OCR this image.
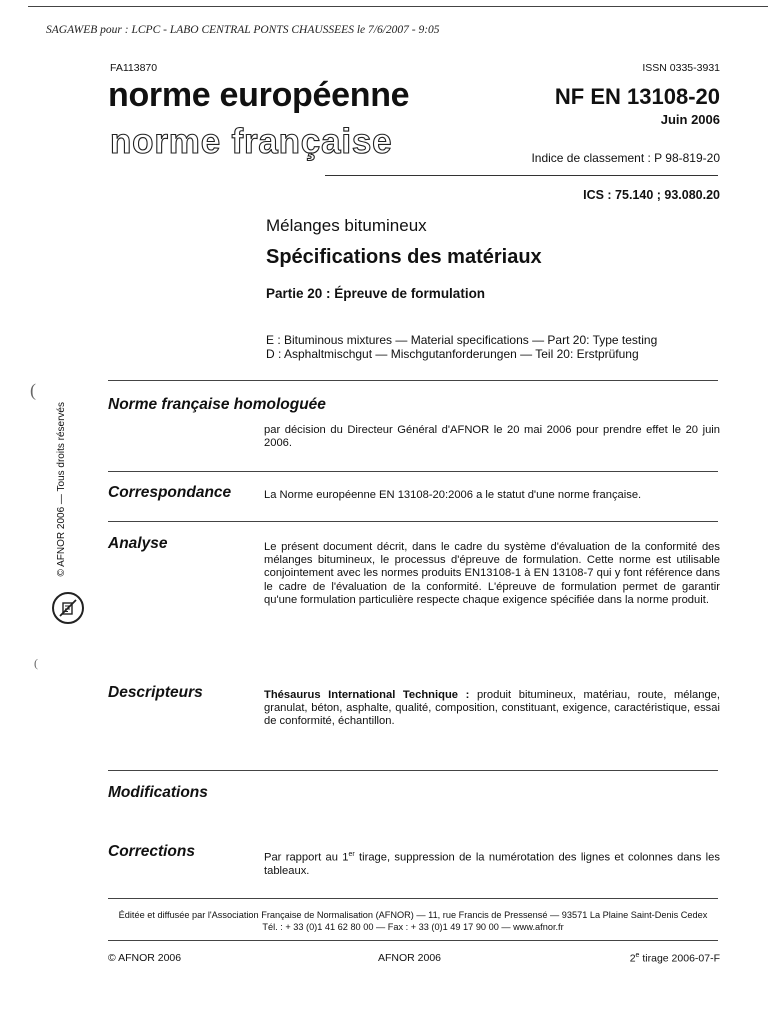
SAGAWEB pour : LCPC - LABO CENTRAL PONTS CHAUSSEES le 7/6/2007 - 9:05
FA113870	ISSN 0335-3931
norme européenne
norme française
NF EN 13108-20
Juin 2006
Indice de classement : P 98-819-20
ICS : 75.140 ; 93.080.20
Mélanges bitumineux
Spécifications des matériaux
Partie 20 : Épreuve de formulation
E : Bituminous mixtures — Material specifications — Part 20: Type testing
D : Asphaltmischgut — Mischgutanforderungen — Teil 20: Erstprüfung
(
© AFNOR 2006 — Tous droits réservés
(
Norme française homologuée
par décision du Directeur Général d'AFNOR le 20 mai 2006 pour prendre effet le 20 juin 2006.
Correspondance	La Norme européenne EN 13108-20:2006 a le statut d'une norme française.
Analyse	Le présent document décrit, dans le cadre du système d'évaluation de la conformité des mélanges bitumineux, le processus d'épreuve de formulation. Cette norme est utilisable conjointement avec les normes produits EN13108-1 à EN 13108-7 qui y font référence dans le cadre de l'évaluation de la conformité. L'épreuve de formulation permet de garantir qu'une formulation particulière respecte chaque exigence spécifiée dans la norme produit.
Descripteurs	Thésaurus International Technique : produit bitumineux, matériau, route, mélange, granulat, béton, asphalte, qualité, composition, constituant, exigence, caractéristique, essai de conformité, échantillon.
Modifications
Corrections	Par rapport au 1er tirage, suppression de la numérotation des lignes et colonnes dans les tableaux.
Éditée et diffusée par l'Association Française de Normalisation (AFNOR) — 11, rue Francis de Pressensé — 93571 La Plaine Saint-Denis Cedex
Tél. : + 33 (0)1 41 62 80 00 — Fax : + 33 (0)1 49 17 90 00 — www.afnor.fr
© AFNOR 2006	AFNOR 2006	2e tirage 2006-07-F
